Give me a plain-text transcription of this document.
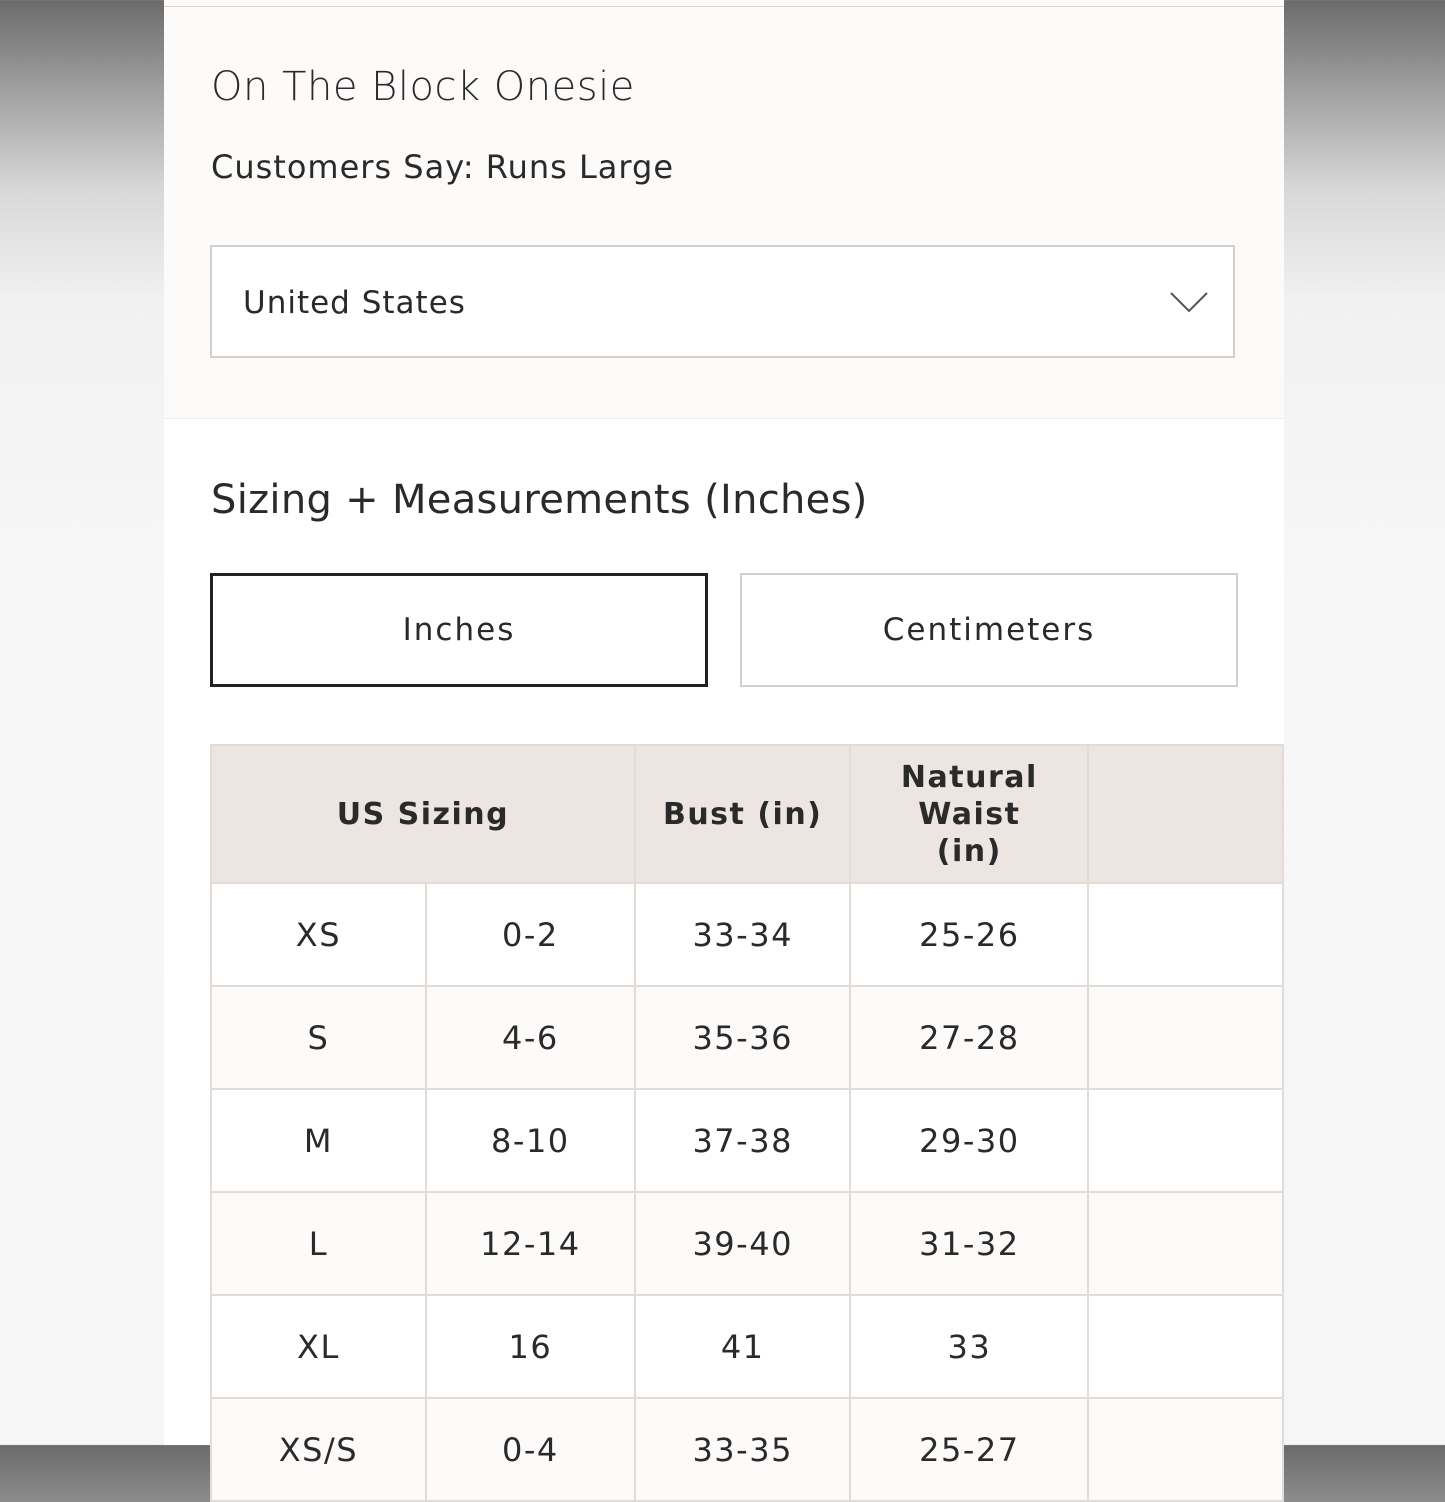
On The Block Onesie
Customers Say: Runs Large
United States
Sizing + Measurements (Inches)
Inches	Centimeters
US Sizing		Bust (in)	Natural Waist (in)	
XS	0-2	33-34	25-26	
S	4-6	35-36	27-28	
M	8-10	37-38	29-30	
L	12-14	39-40	31-32	
XL	16	41	33	
XS/S	0-4	33-35	25-27	
